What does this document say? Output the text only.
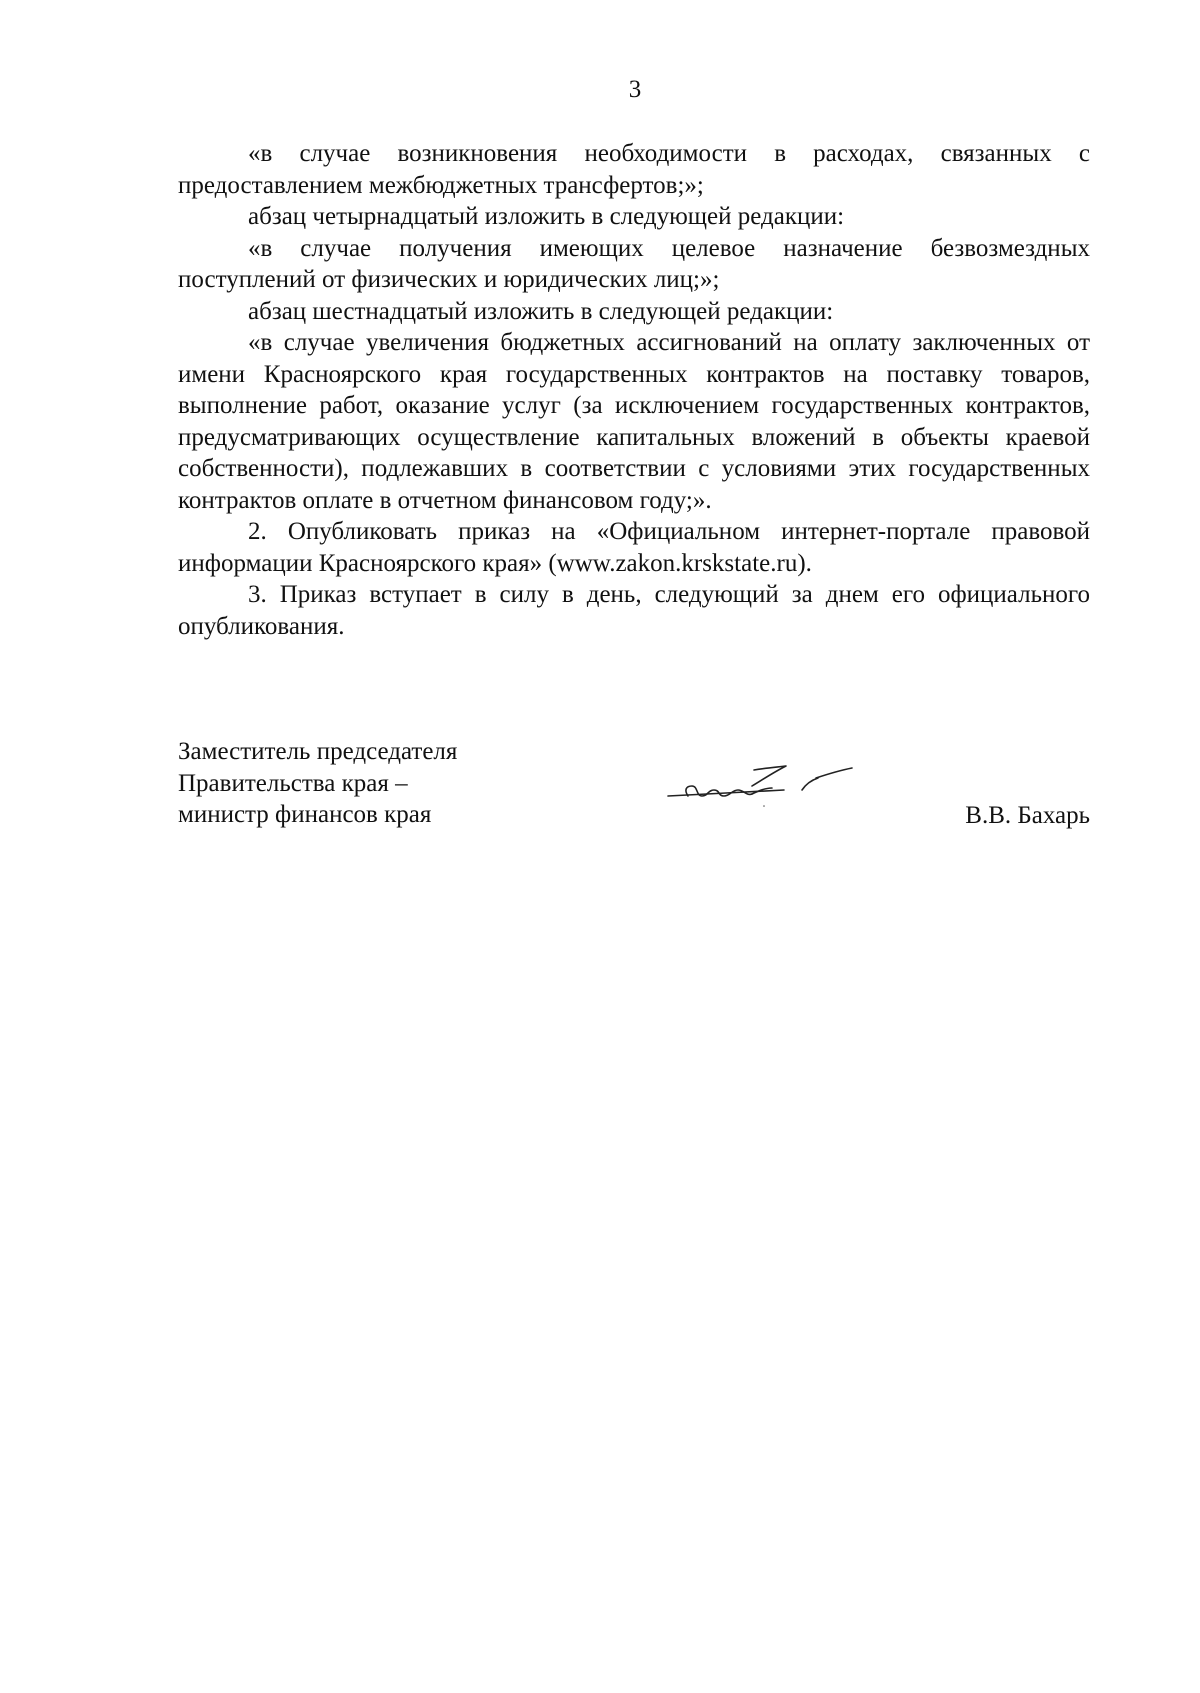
3

«в случае возникновения необходимости в расходах, связанных с предоставлением межбюджетных трансфертов;»;

абзац четырнадцатый изложить в следующей редакции:

«в случае получения имеющих целевое назначение безвозмездных поступлений от физических и юридических лиц;»;

абзац шестнадцатый изложить в следующей редакции:

«в случае увеличения бюджетных ассигнований на оплату заключенных от имени Красноярского края государственных контрактов на поставку товаров, выполнение работ, оказание услуг (за исключением государственных контрактов, предусматривающих осуществление капитальных вложений в объекты краевой собственности), подлежавших в соответствии с условиями этих государственных контрактов оплате в отчетном финансовом году;».

2. Опубликовать приказ на «Официальном интернет-портале правовой информации Красноярского края» (www.zakon.krskstate.ru).

3. Приказ вступает в силу в день, следующий за днем его официального опубликования.

Заместитель председателя
Правительства края –
министр финансов края	В.В. Бахарь
